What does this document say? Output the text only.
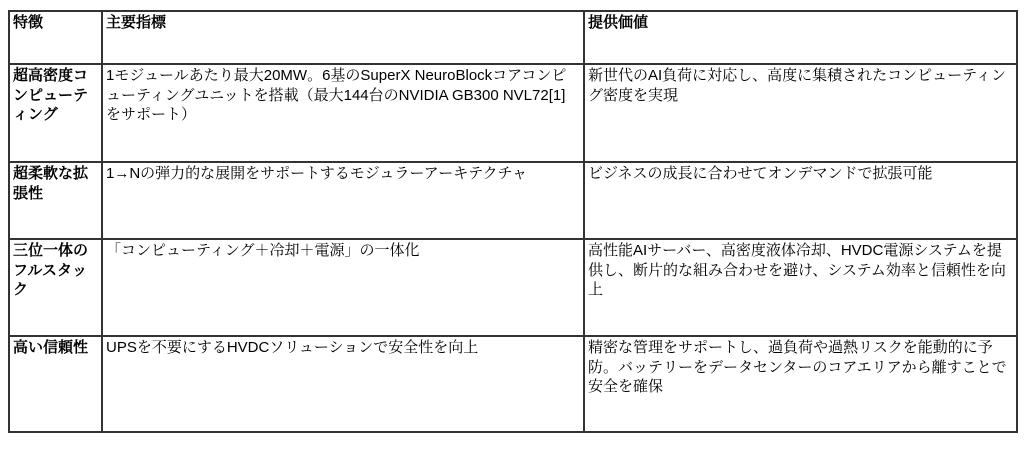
特徴	主要指標	提供価値
超高密度コンピューティング	1モジュールあたり最大20MW。6基のSuperX NeuroBlockコアコンピューティングユニットを搭載（最大144台のNVIDIA GB300 NVL72[1]をサポート）	新世代のAI負荷に対応し、高度に集積されたコンピューティング密度を実現
超柔軟な拡張性	1→Nの弾力的な展開をサポートするモジュラーアーキテクチャ	ビジネスの成長に合わせてオンデマンドで拡張可能
三位一体のフルスタック	「コンピューティング＋冷却＋電源」の一体化	高性能AIサーバー、高密度液体冷却、HVDC電源システムを提供し、断片的な組み合わせを避け、システム効率と信頼性を向上
高い信頼性	UPSを不要にするHVDCソリューションで安全性を向上	精密な管理をサポートし、過負荷や過熱リスクを能動的に予防。バッテリーをデータセンターのコアエリアから離すことで安全を確保
